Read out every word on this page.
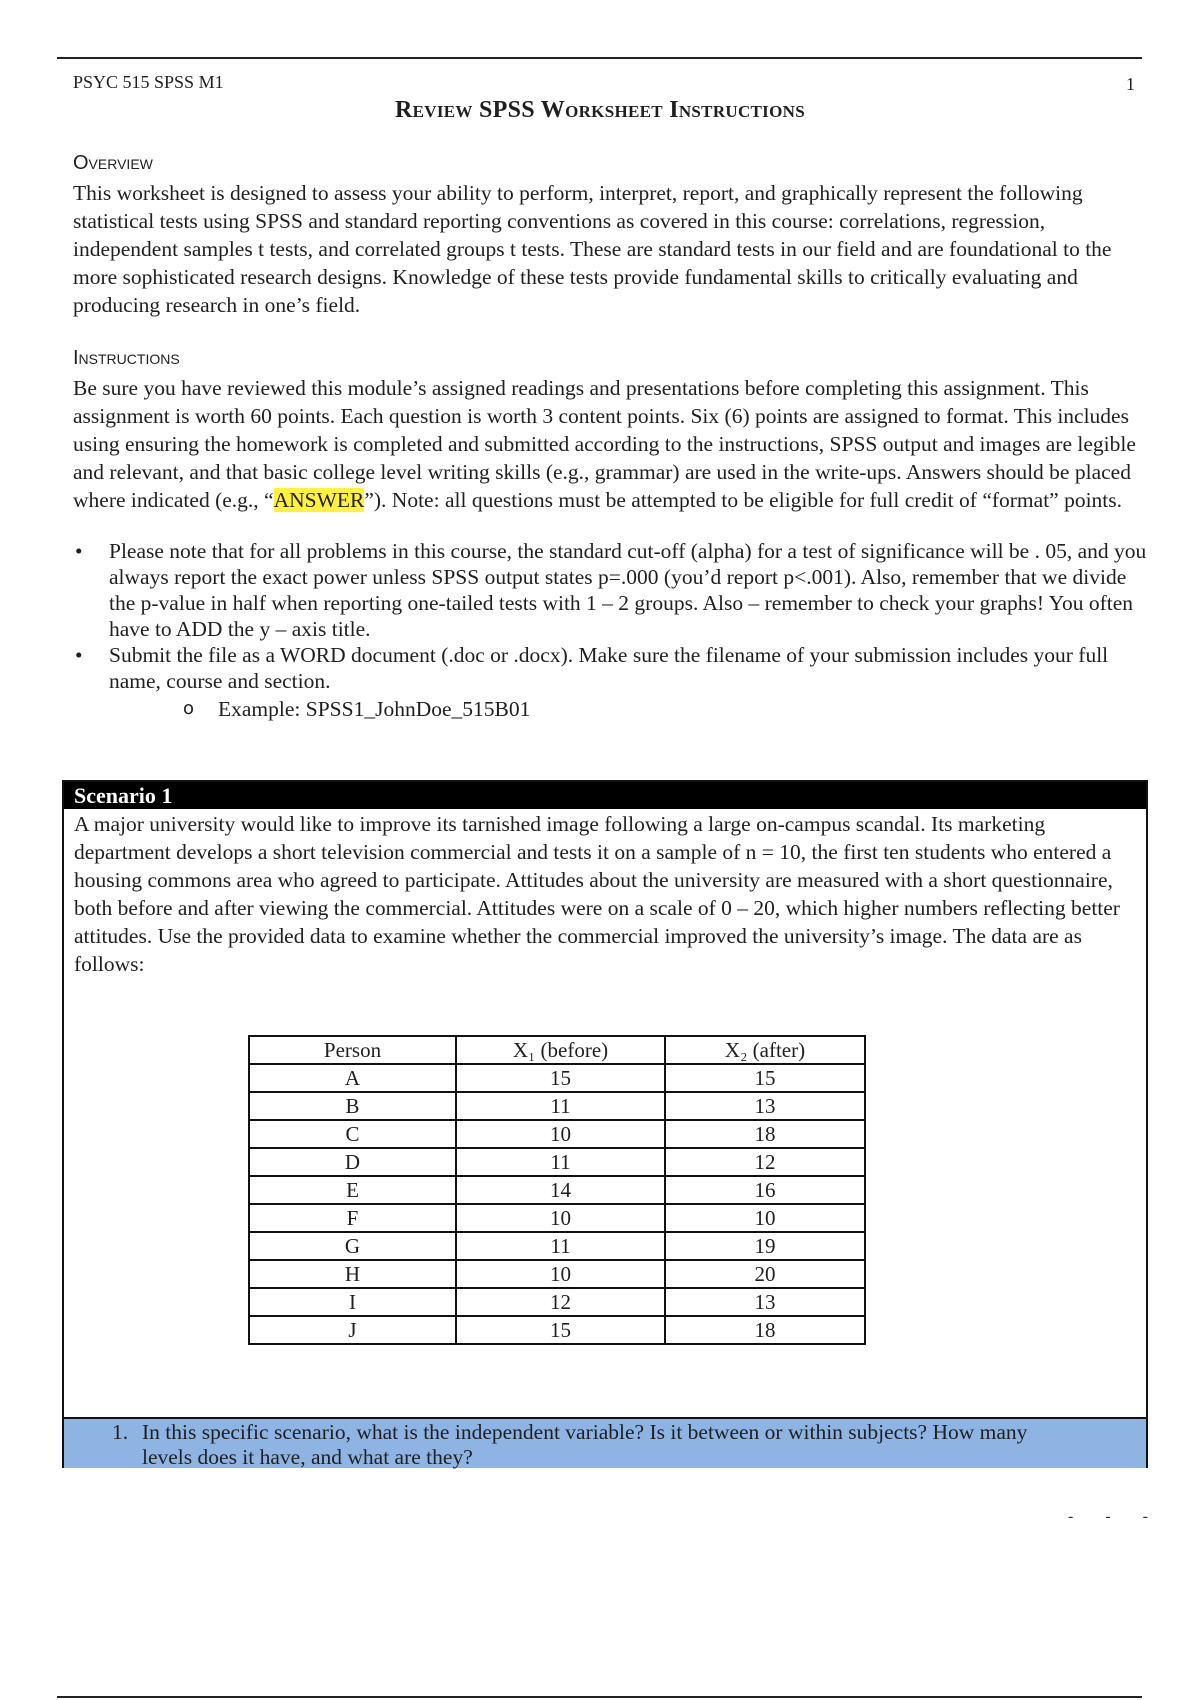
PSYC 515 SPSS M1	1
Review SPSS Worksheet Instructions
Overview
This worksheet is designed to assess your ability to perform, interpret, report, and graphically represent the following statistical tests using SPSS and standard reporting conventions as covered in this course: correlations, regression, independent samples t tests, and correlated groups t tests. These are standard tests in our field and are foundational to the more sophisticated research designs. Knowledge of these tests provide fundamental skills to critically evaluating and producing research in one’s field.
Instructions
Be sure you have reviewed this module’s assigned readings and presentations before completing this assignment. This assignment is worth 60 points. Each question is worth 3 content points. Six (6) points are assigned to format. This includes using ensuring the homework is completed and submitted according to the instructions, SPSS output and images are legible and relevant, and that basic college level writing skills (e.g., grammar) are used in the write-ups. Answers should be placed where indicated (e.g., “ANSWER”). Note: all questions must be attempted to be eligible for full credit of “format” points.
• Please note that for all problems in this course, the standard cut-off (alpha) for a test of significance will be . 05, and you always report the exact power unless SPSS output states p=.000 (you’d report p<.001). Also, remember that we divide the p-value in half when reporting one-tailed tests with 1 – 2 groups. Also – remember to check your graphs! You often have to ADD the y – axis title.
• Submit the file as a WORD document (.doc or .docx). Make sure the filename of your submission includes your full name, course and section.
o Example: SPSS1_JohnDoe_515B01
Scenario 1
A major university would like to improve its tarnished image following a large on-campus scandal. Its marketing department develops a short television commercial and tests it on a sample of n = 10, the first ten students who entered a housing commons area who agreed to participate. Attitudes about the university are measured with a short questionnaire, both before and after viewing the commercial. Attitudes were on a scale of 0 – 20, which higher numbers reflecting better attitudes. Use the provided data to examine whether the commercial improved the university’s image. The data are as follows:
Person	X₁ (before)	X₂ (after)
A	15	15
B	11	13
C	10	18
D	11	12
E	14	16
F	10	10
G	11	19
H	10	20
I	12	13
J	15	18
1. In this specific scenario, what is the independent variable? Is it between or within subjects? How many levels does it have, and what are they?
- - -
